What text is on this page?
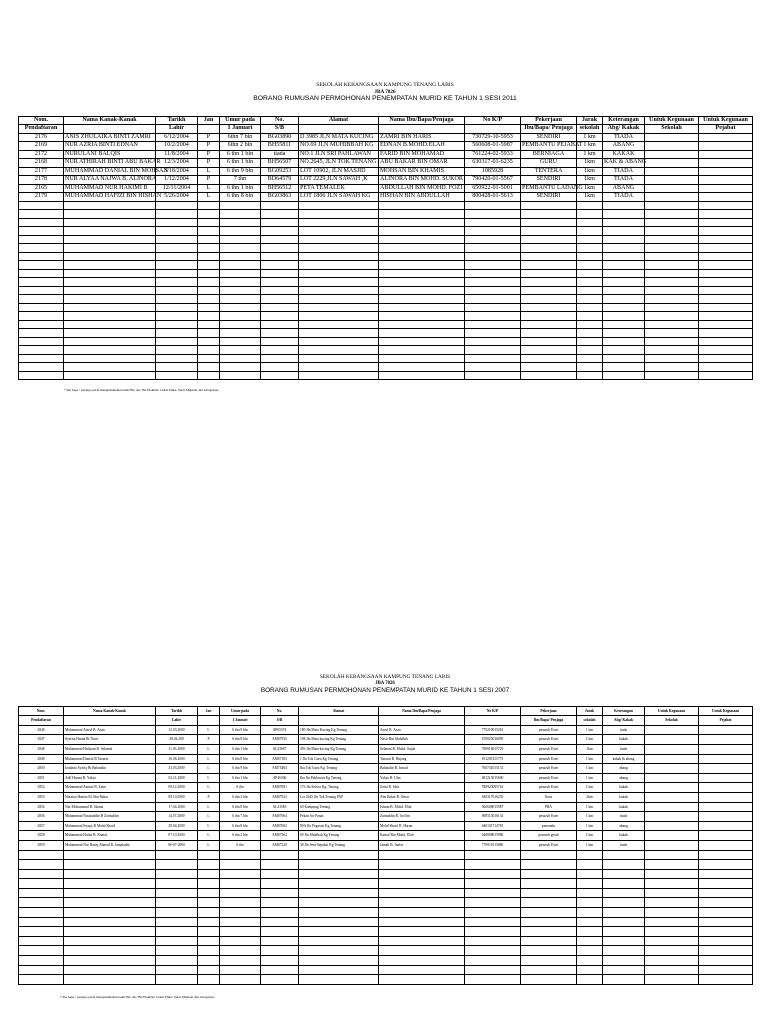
SEKOLAH KEBANGSAAN KAMPUNG TENANG LABIS
JBA 7026
BORANG RUMUSAN PERMOHONAN PENEMPATAN MURID KE TAHUN 1 SESI 2011
Nom.	Nama Kanak-Kanak	Tarikh	Jan	Umur pada	No.	Alamat	Nama Ibu/Bapa/Penjaga	No K/P	Pekerjaan	Jarak	Keterangan	Untuk Kegunaan	Untuk Kegunaan
Pendaftaran		Lahir		1 Januari	S/B				Ibu/Bapa/ Penjaga	sekolah	Abg/ Kakak	Sekolah	Pejabat
2176	ANIS ZHULAIKA BINTI ZAMRI	6/12/2004	P	6thn 7 bln	BG03890	D 3985 JLN MATA KUCING	ZAMRI BIN HARIS	730729-10-5953	SENDIRI	1 km	TIADA		
2169	NUR AZRIA BINTI EDNAN	10/2/2004	P	6thn 2 bln	BH55811	NO.69 JLN MUHIBBAH KG	EDNAN B.MOHD.ELAH	560608-01-5987	PEMBANTU PEJABAT	1 km	ABANG		
2172	NURULANI BALQIS	11/8/2004	P	6 thn 1 bln	tiada	NO.1 JLN SRI PAHLAWAN	FARID BIN MOHAMAD	761224-02-5933	BERNIAGA	1 km	KAKAK		
2168	NUR ATHIRAH BINTI ABU BAKAR	12/3/2004	P	6 thn 1 bln	BH56507	NO.2645, JLN TOK TENANG	ABU BAKAR BIN OMAR	630317-01-6235	GURU	1km	KAK & ABANG		
2177	MUHAMMAD DANIAL BIN MOHSAN	3/18/2004	L	6 thn 9 bln	BG09253	LOT 10902, JLN MASJID	MOHSAN BIN KHAMIS	1085928	TENTERA	1km	TIADA		
2178	NUR ALYAA NAJWA B. ALINORA	1/12/2004	P	7 thn	BD64579	LOT 2229,JLN SAWAH ,K	ALINORA BIN MOHD. SUKOR	790420-01-5567	SENDIRI	1km	TIADA		
2165	MUHAMMAD NUR HAKIMI B	12/11/2004	L	6 thn 1 bln	BH56512	PETA TEMALEK	ABDULLAH BIN MOHD. FOZI	650922-01-5001	PEMBANTU LADANG	1km	ABANG		
2179	MUHAMMAD HAFIZI BIN HISHAN	5/26/2004	L	6 thn 8 bln	BG03863	LOT 1806 JLN SAWAH KG	HISHAN BIN ABDULLAH	800428-01-5613	SENDIRI	1km	TIADA		

* Ibu bapa / penjaga perlu mengemukakan bukti Bil. Air/ Bil Elektrik/ Cukai Pintu/ Surat Majikan dan sebagainya
SEKOLAH KEBANGSAAN KAMPUNG TENANG LABIS
JBA 7026
BORANG RUMUSAN PERMOHONAN PENEMPATAN MURID KE TAHUN 1 SESI 2007
Nom.	Nama Kanak-Kanak	Tarikh	Jan	Umur pada	No.	Alamat	Nama Ibu/Bapa/Penjaga	No K/P	Pekerjaan	Jarak	Keterangan	Untuk Kegunaan	Untuk Kegunaan
Pendaftaran		Lahir		1 Januari	S/B				Ibu/Bapa/ Penjaga	sekolah	Abg/ Kakak	Sekolah	Pejabat
2846	Mohammad Aizrul B. Azan	12.03.2000	L	6 thn 9 bln	AP65374	180 Jln Mata Kucing Kg Tenang	Azrul B. Azan	770210015261	pesuruh Estet	1 km	tiada		
2847	Syafira Hasna Bt Nasir	28.04.200	P	6 thn 8 bln	AM07935	198 Jln Mata kucing Kg Tenang	Nasir Bin Abdullah	670825016095	pesuruh Estet	1 km	kakak		
2848	Muhammad Hafizam B. Selamat	11.03.2000	L	6 thn 1 bln	AL23667	493 Jln Mata kucing Kg Tenang	Selamat B. Mohd. Sujak	760916015729	pesuruh Estet	1km	tiada		
2849	Muhammad Danish B Tazarin	16.06.2000	L	6 thn 8 bln	AM07183	1 Jln Tok Guru Kg Tenang	Tazarin B. Hujang	811205155775	pesuruh Estet	1 km	kakak & abang		
2850	Izudaini Syafiq Bt Bahaudin	31.03.2000	L	6 thn 9 bln	AM75484	Ibu Tok Guru Kg. Tenang	Bahaudin B. Ismail	760731015131	pesuruh Estet	1 km	abang		
2851	Adil Hazmi B. Yahya	02.11.2000	L	6 thn 1 bln	AP46306	Ibu Jln Pahlawan Kg Tenang	Yahya B. Ulas	681213015690	pesuruh Estet	1 km	abang		
2852	Mohammad Amirul B. Zaini	09.12.2000	L	6 thn	AM07691	176 Jln Seloca Kg. Tenang	Zaini B. Idris	780923085761	pesuruh Estet	1 km	kakak		
2853	Nuraina Hanisa Bt Abu Bakar	09.10.2000	P	6 thn 2 bln	AM07923	Lot 2645 Jln Tok Tenang PAP	Abu Bakar B. Omar	630317016235	Guru	2km	kakak		
2854	Nur Mohammad B. Ishaan	17.04.2000	L	6 thn 8 bln	AL23583	60 Kampung Tenang	Ishaan B. Mohd. Elah	560608015987	PRA	1 km	kakak		
2856	Muhammad Nasaruddin B Zainuddin	14.07.2000	L	6 thn 7 bln	AM07664	Pekan Air Panas	Zainuddin B. Ariffin	690513016133	pesuruh Estet	1 km	tiada		
2857	Muhammad Syaqir B Mohd Sharif	29.04.2000	L	6 thn 8 bln	AM07602	80A Jln Pegawai Kg Tenang	Mohd Sharif B. Harun	640101714781	pemandu	1 km	abang		
2858	Muhammad Hafizi B. Kamal	07.10.2000	L	6 thn 2 bln	AM07562	69 Jln Muhibah Kg Tenang	Kamal Bin Mohd. Elah	640808015980	pesuruh getah	1 km	kakak		
2859	Mohammad Nur Haziq Ahmad B. Jamaludin	06-07-2000	L	6 thn	AM07220	38 Jln Sera Sepakat Kg Tenang	Jamali B. Jaafar	770911015686	pesuruh Estet	1 km	tiada		

* Ibu bapa / penjaga perlu mengemukakan bukti Bil. Air/ Bil Elektrik/ Cukai Pintu/ Surat Majikan dan sebagainya
